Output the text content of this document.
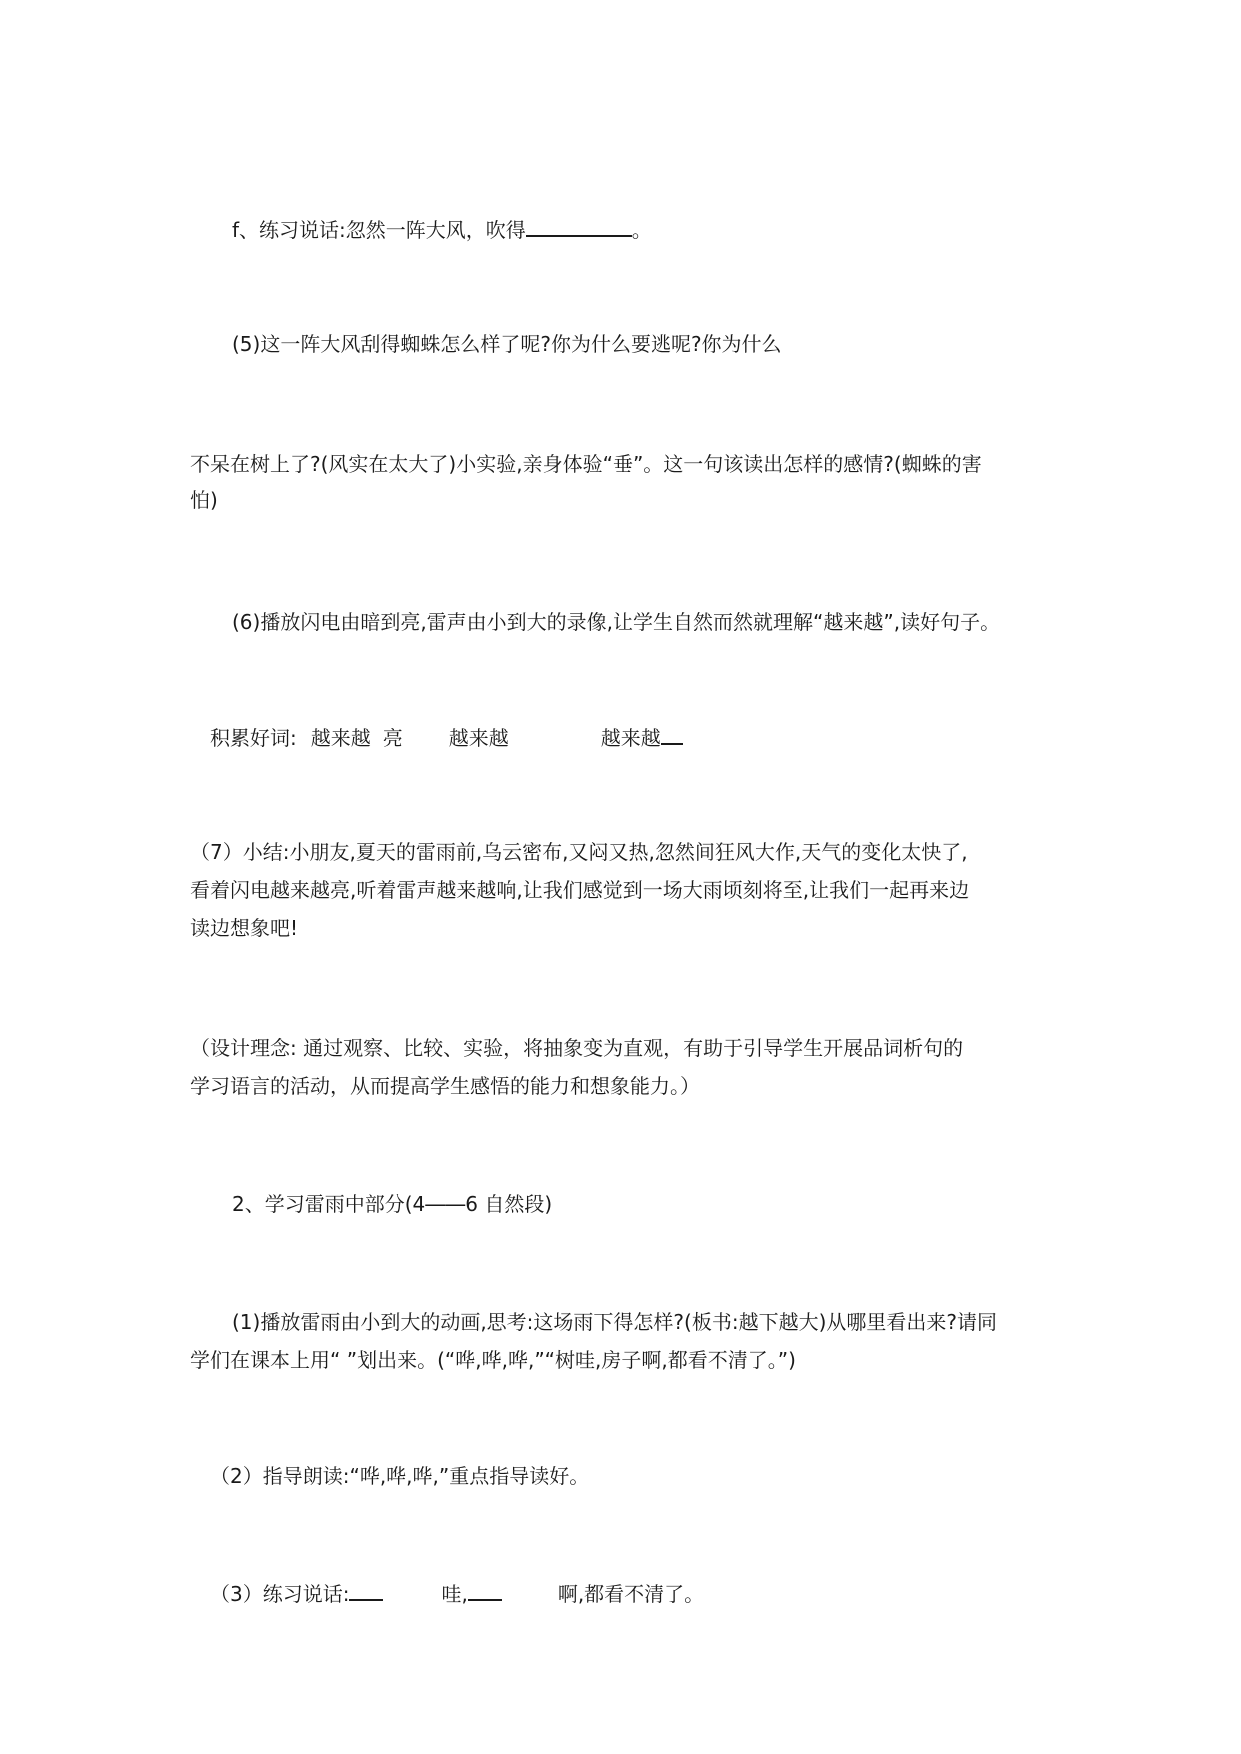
f、练习说话:忽然一阵大风，吹得	。
(5)这一阵大风刮得蜘蛛怎么样了呢?你为什么要逃呢?你为什么
不呆在树上了?(风实在太大了)小实验,亲身体验“垂”。这一句该读出怎样的感情?(蜘蛛的害
怕)
(6)播放闪电由暗到亮,雷声由小到大的录像,让学生自然而然就理解“越来越”,读好句子。
积累好词: 越来越 亮 越来越	越来越
（7）小结:小朋友,夏天的雷雨前,乌云密布,又闷又热,忽然间狂风大作,天气的变化太快了,
看着闪电越来越亮,听着雷声越来越响,让我们感觉到一场大雨顷刻将至,让我们一起再来边
读边想象吧!
（设计理念: 通过观察、比较、实验，将抽象变为直观，有助于引导学生开展品词析句的
学习语言的活动，从而提高学生感悟的能力和想象能力。）
2、学习雷雨中部分(4――6 自然段)
(1)播放雷雨由小到大的动画,思考:这场雨下得怎样?(板书:越下越大)从哪里看出来?请同
学们在课本上用“ ”划出来。(“哗,哗,哗,”“树哇,房子啊,都看不清了。”)
（2）指导朗读:“哗,哗,哗,”重点指导读好。
（3）练习说话:	哇,	啊,都看不清了。
